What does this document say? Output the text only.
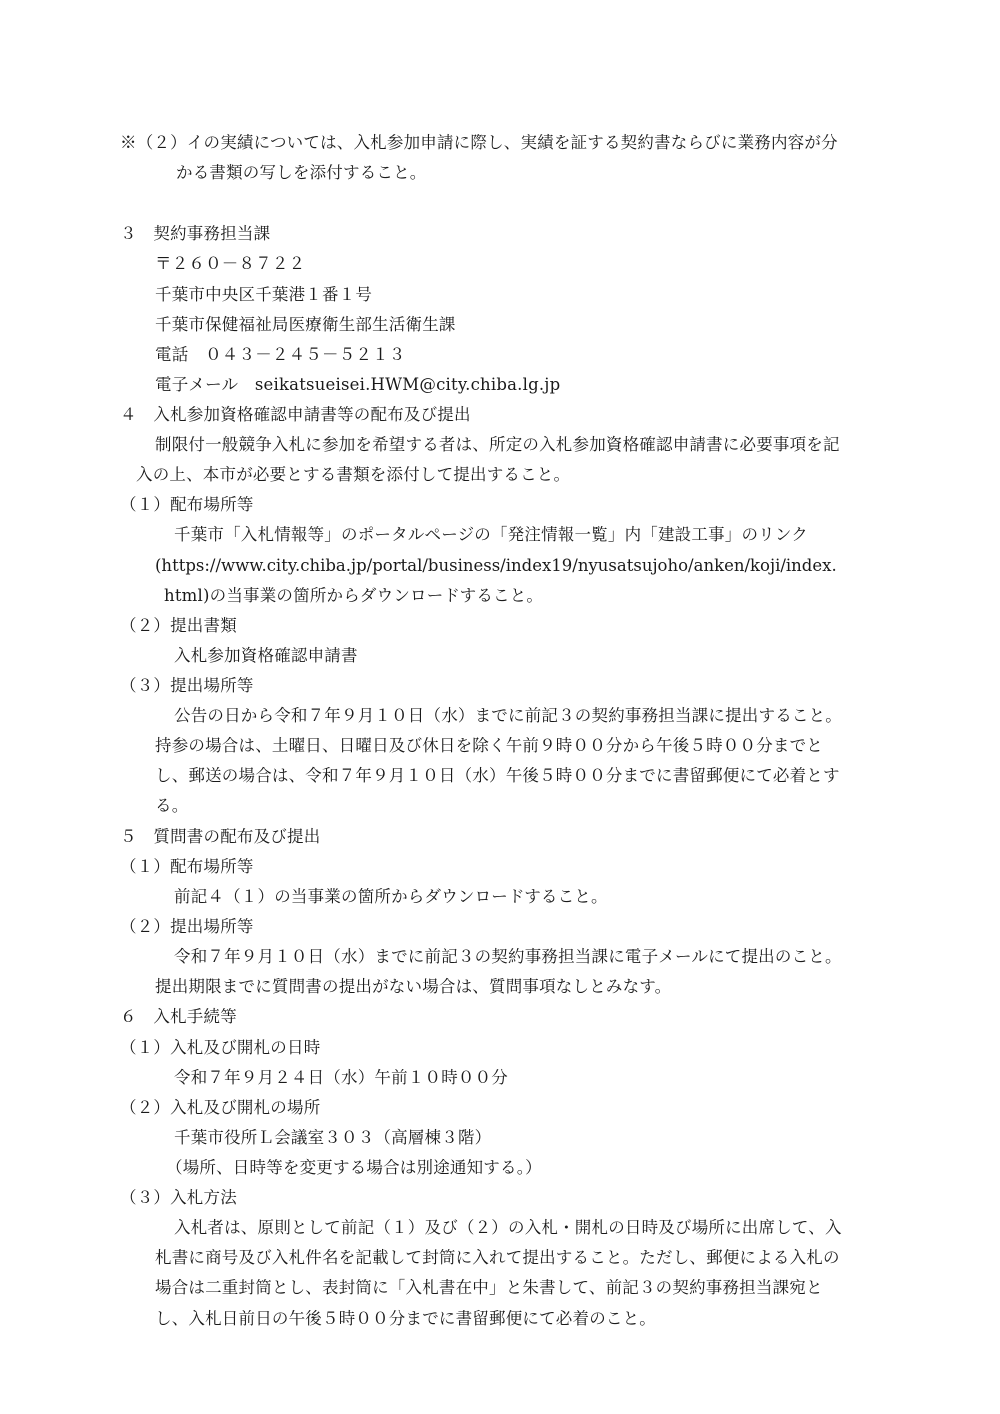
※（２）イの実績については、入札参加申請に際し、実績を証する契約書ならびに業務内容が分
かる書類の写しを添付すること。
３　契約事務担当課
〒２６０－８７２２
千葉市中央区千葉港１番１号
千葉市保健福祉局医療衛生部生活衛生課
電話　０４３－２４５－５２１３
電子メール　seikatsueisei.HWM@city.chiba.lg.jp
４　入札参加資格確認申請書等の配布及び提出
制限付一般競争入札に参加を希望する者は、所定の入札参加資格確認申請書に必要事項を記
入の上、本市が必要とする書類を添付して提出すること。
（１）配布場所等
千葉市「入札情報等」のポータルページの「発注情報一覧」内「建設工事」のリンク
(https://www.city.chiba.jp/portal/business/index19/nyusatsujoho/anken/koji/index.
html)の当事業の箇所からダウンロードすること。
（２）提出書類
入札参加資格確認申請書
（３）提出場所等
公告の日から令和７年９月１０日（水）までに前記３の契約事務担当課に提出すること。
持参の場合は、土曜日、日曜日及び休日を除く午前９時００分から午後５時００分までと
し、郵送の場合は、令和７年９月１０日（水）午後５時００分までに書留郵便にて必着とす
る。
５　質問書の配布及び提出
（１）配布場所等
前記４（１）の当事業の箇所からダウンロードすること。
（２）提出場所等
令和７年９月１０日（水）までに前記３の契約事務担当課に電子メールにて提出のこと。
提出期限までに質問書の提出がない場合は、質問事項なしとみなす。
６　入札手続等
（１）入札及び開札の日時
令和７年９月２４日（水）午前１０時００分
（２）入札及び開札の場所
千葉市役所Ｌ会議室３０３（高層棟３階）
（場所、日時等を変更する場合は別途通知する。）
（３）入札方法
入札者は、原則として前記（１）及び（２）の入札・開札の日時及び場所に出席して、入
札書に商号及び入札件名を記載して封筒に入れて提出すること。ただし、郵便による入札の
場合は二重封筒とし、表封筒に「入札書在中」と朱書して、前記３の契約事務担当課宛と
し、入札日前日の午後５時００分までに書留郵便にて必着のこと。
